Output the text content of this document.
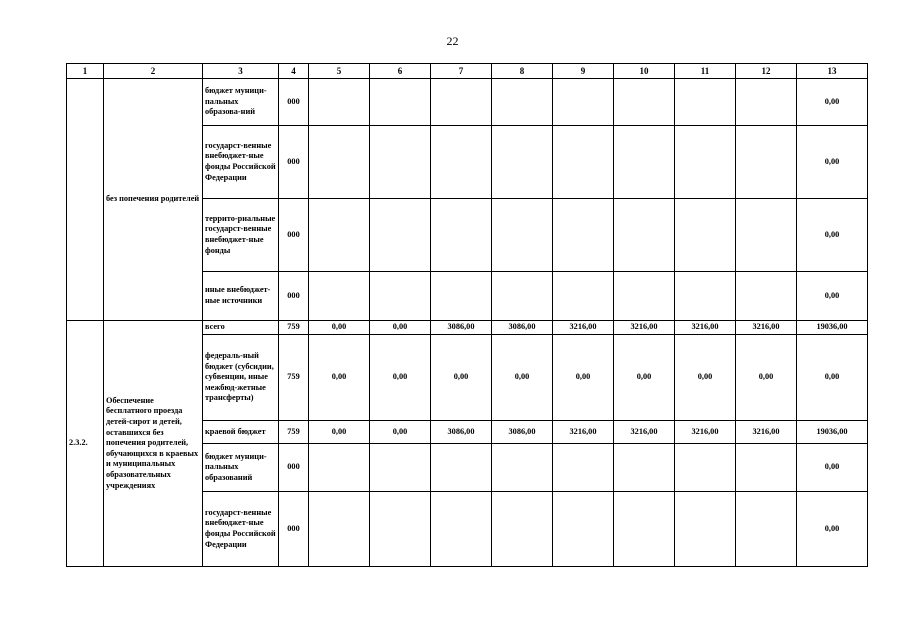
22
1	2	3	4	5	6	7	8	9	10	11	12	13
	без попечения родителей	бюджет муници-пальных образова-ний	000									0,00
		государст-венные внебюджет-ные фонды Российской Федерации	000									0,00
		террито-риальные государст-венные внебюджет-ные фонды	000									0,00
		иные внебюджет-ные источники	000									0,00
2.3.2.	Обеспечение бесплатного проезда детей-сирот и детей, оставшихся без попечения родителей, обучающихся в краевых и муниципальных образовательных учреждениях	всего	759	0,00	0,00	3086,00	3086,00	3216,00	3216,00	3216,00	3216,00	19036,00
		федераль-ный бюджет (субсидии, субвенции, иные межбюд-жетные трансферты)	759	0,00	0,00	0,00	0,00	0,00	0,00	0,00	0,00	0,00
		краевой бюджет	759	0,00	0,00	3086,00	3086,00	3216,00	3216,00	3216,00	3216,00	19036,00
		бюджет муници-пальных образований	000									0,00
		государст-венные внебюджет-ные фонды Российской Федерации	000									0,00
